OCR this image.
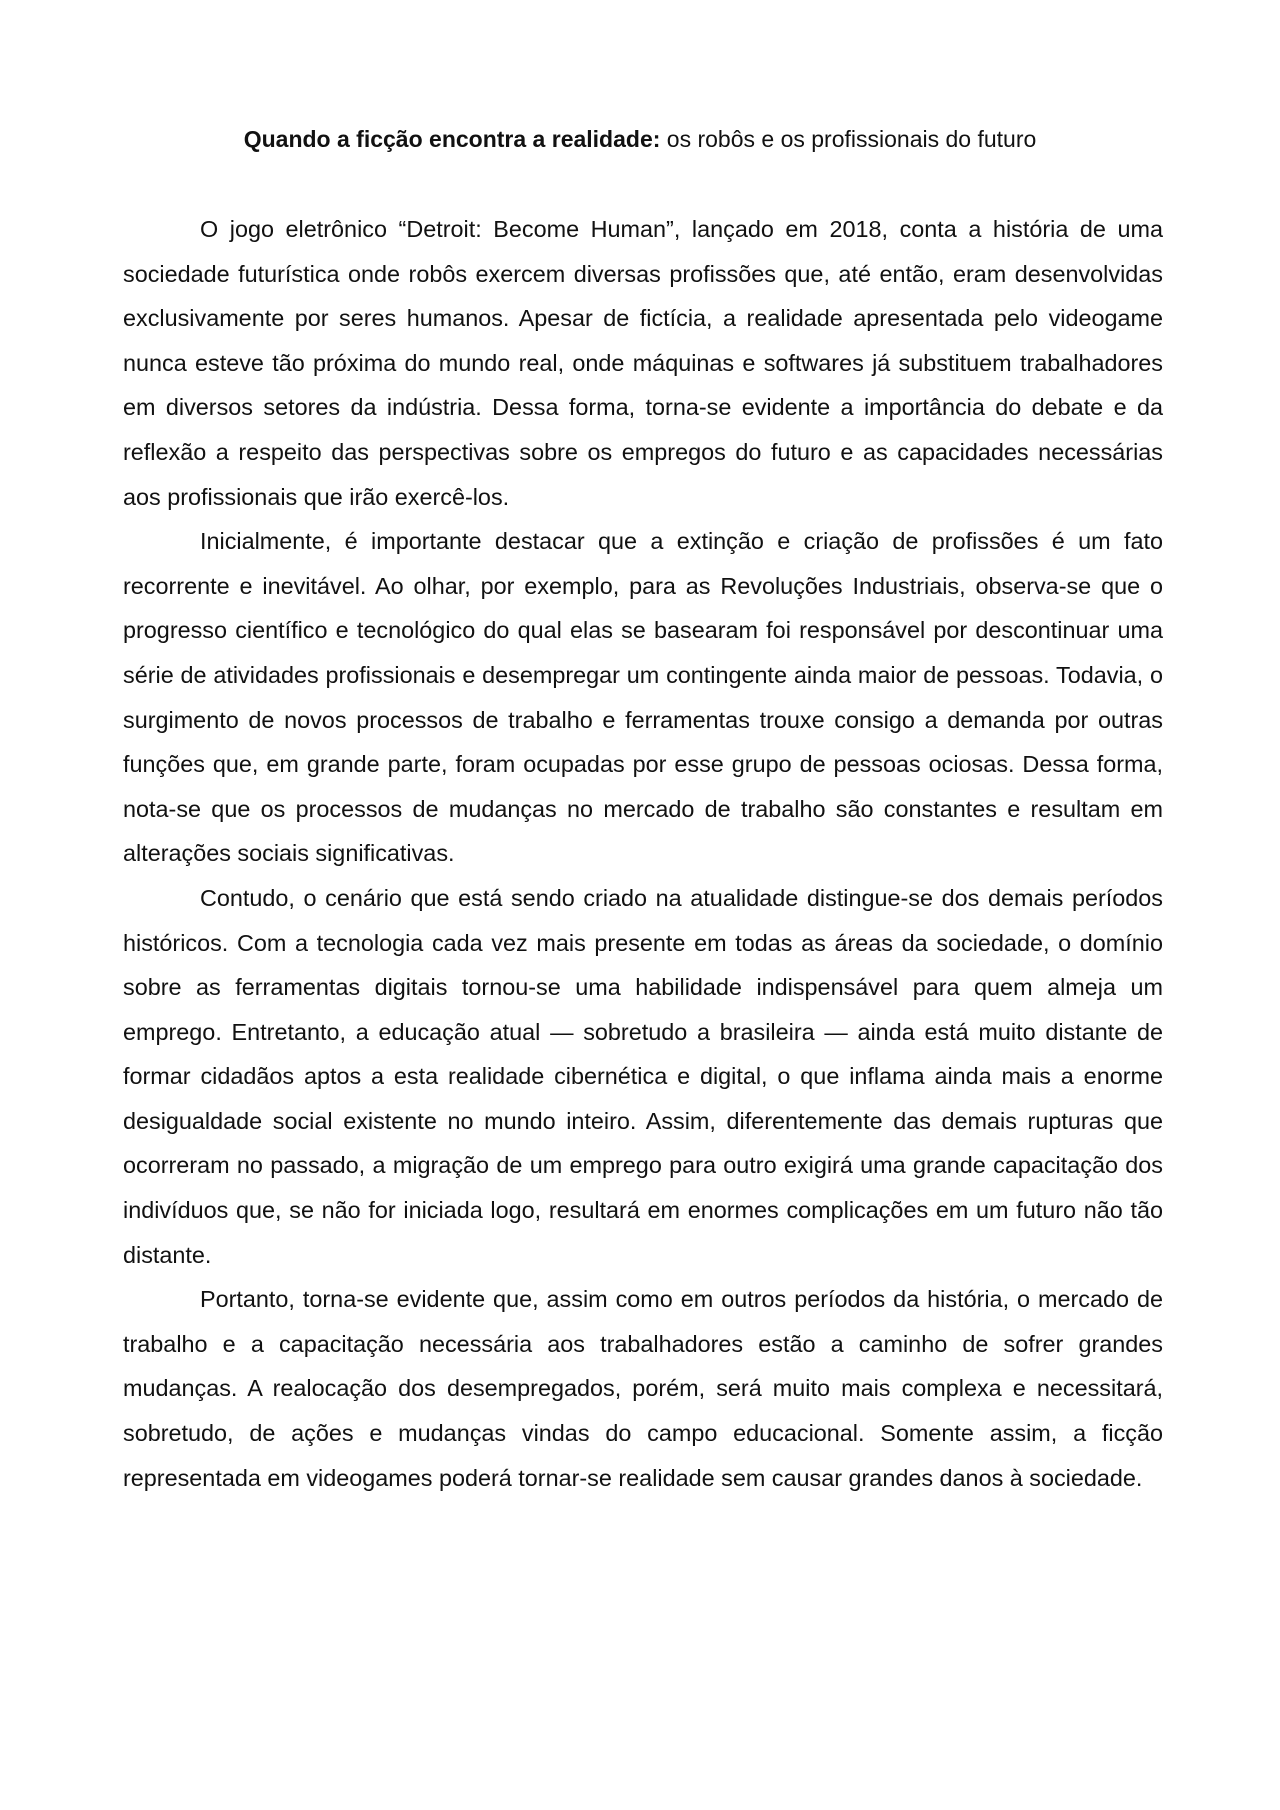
Quando a ficção encontra a realidade: os robôs e os profissionais do futuro

O jogo eletrônico “Detroit: Become Human”, lançado em 2018, conta a história de uma sociedade futurística onde robôs exercem diversas profissões que, até então, eram desenvolvidas exclusivamente por seres humanos. Apesar de fictícia, a realidade apresentada pelo videogame nunca esteve tão próxima do mundo real, onde máquinas e softwares já substituem trabalhadores em diversos setores da indústria. Dessa forma, torna-se evidente a importância do debate e da reflexão a respeito das perspectivas sobre os empregos do futuro e as capacidades necessárias aos profissionais que irão exercê-los.

Inicialmente, é importante destacar que a extinção e criação de profissões é um fato recorrente e inevitável. Ao olhar, por exemplo, para as Revoluções Industriais, observa-se que o progresso científico e tecnológico do qual elas se basearam foi responsável por descontinuar uma série de atividades profissionais e desempregar um contingente ainda maior de pessoas. Todavia, o surgimento de novos processos de trabalho e ferramentas trouxe consigo a demanda por outras funções que, em grande parte, foram ocupadas por esse grupo de pessoas ociosas. Dessa forma, nota-se que os processos de mudanças no mercado de trabalho são constantes e resultam em alterações sociais significativas.

Contudo, o cenário que está sendo criado na atualidade distingue-se dos demais períodos históricos. Com a tecnologia cada vez mais presente em todas as áreas da sociedade, o domínio sobre as ferramentas digitais tornou-se uma habilidade indispensável para quem almeja um emprego. Entretanto, a educação atual — sobretudo a brasileira — ainda está muito distante de formar cidadãos aptos a esta realidade cibernética e digital, o que inflama ainda mais a enorme desigualdade social existente no mundo inteiro. Assim, diferentemente das demais rupturas que ocorreram no passado, a migração de um emprego para outro exigirá uma grande capacitação dos indivíduos que, se não for iniciada logo, resultará em enormes complicações em um futuro não tão distante.

Portanto, torna-se evidente que, assim como em outros períodos da história, o mercado de trabalho e a capacitação necessária aos trabalhadores estão a caminho de sofrer grandes mudanças. A realocação dos desempregados, porém, será muito mais complexa e necessitará, sobretudo, de ações e mudanças vindas do campo educacional. Somente assim, a ficção representada em videogames poderá tornar-se realidade sem causar grandes danos à sociedade.
